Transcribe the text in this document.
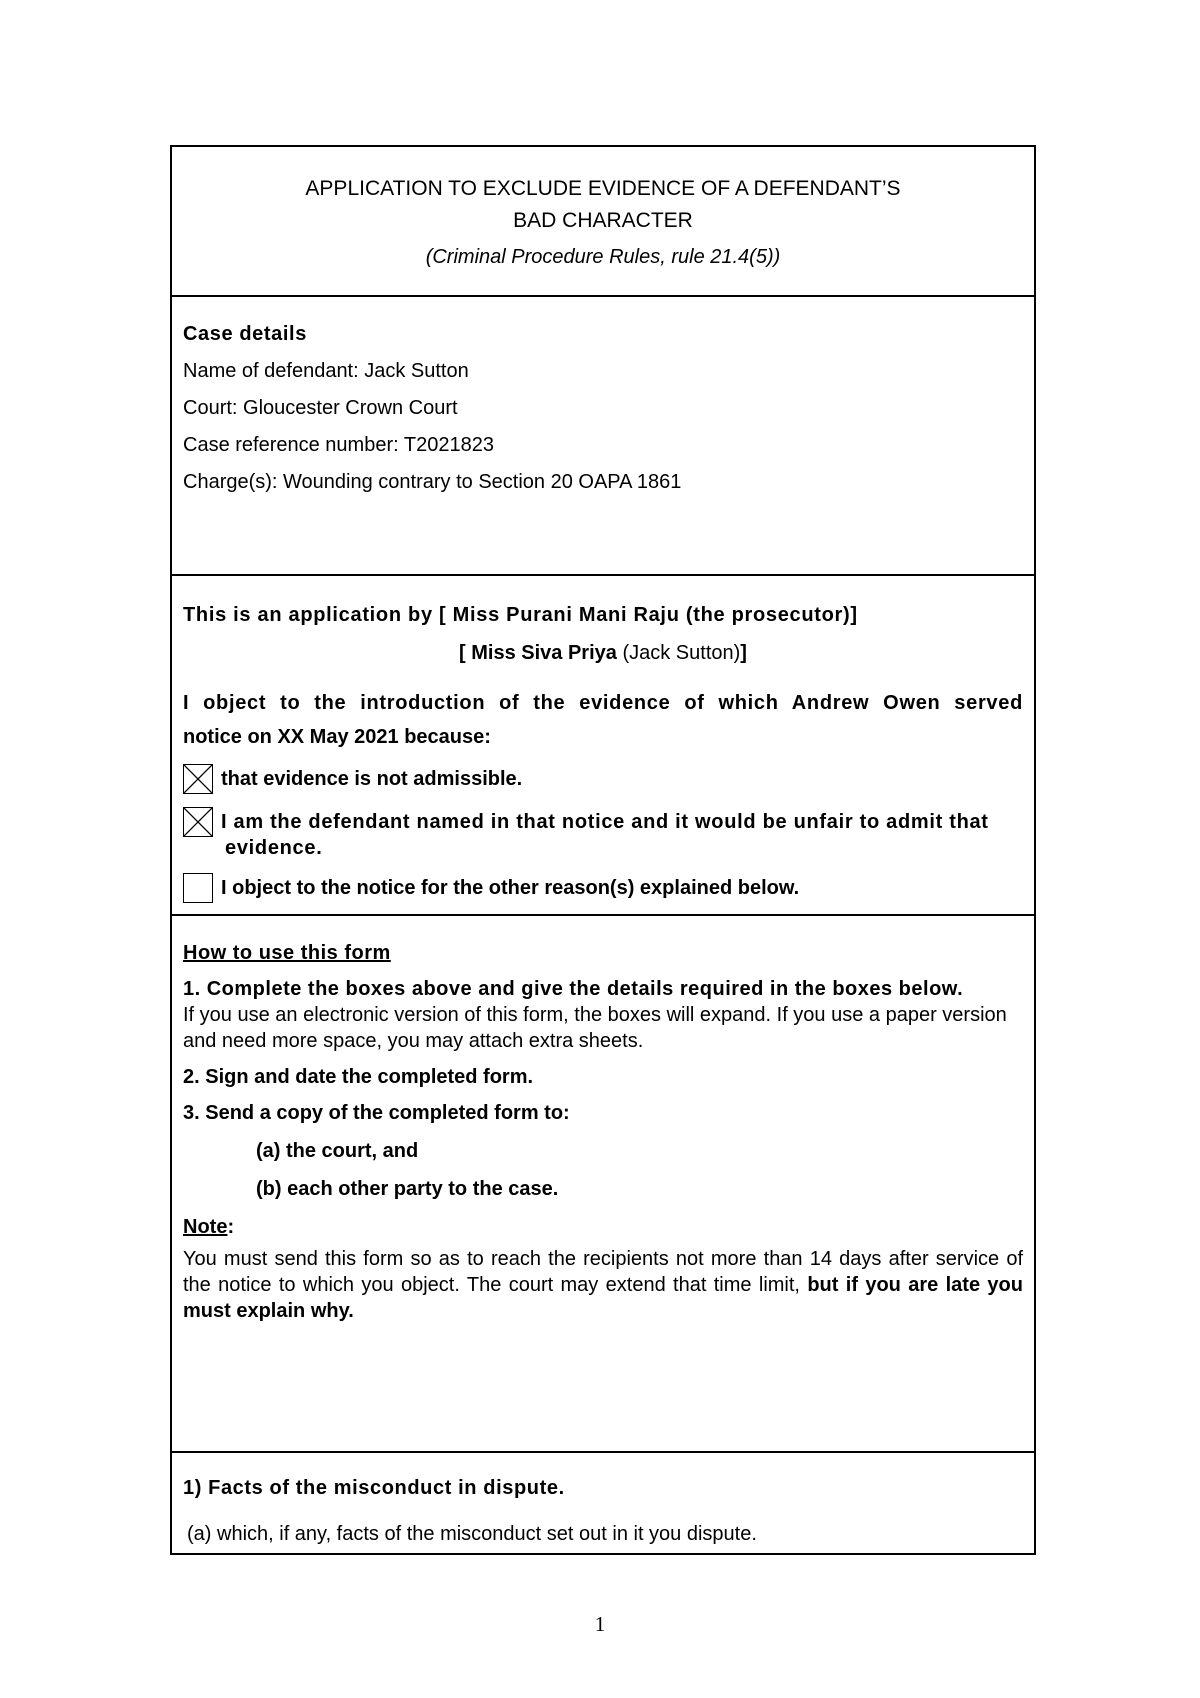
APPLICATION TO EXCLUDE EVIDENCE OF A DEFENDANT’S
BAD CHARACTER
(Criminal Procedure Rules, rule 21.4(5))
Case details
Name of defendant: Jack Sutton
Court: Gloucester Crown Court
Case reference number: T2021823
Charge(s): Wounding contrary to Section 20 OAPA 1861
This is an application by [ Miss Purani Mani Raju (the prosecutor)]
[ Miss Siva Priya (Jack Sutton)]
I object to the introduction of the evidence of which Andrew Owen served
notice on XX May 2021 because:
that evidence is not admissible.
I am the defendant named in that notice and it would be unfair to admit that
evidence.
I object to the notice for the other reason(s) explained below.
How to use this form
1. Complete the boxes above and give the details required in the boxes below.
If you use an electronic version of this form, the boxes will expand. If you use a paper version and need more space, you may attach extra sheets.
2. Sign and date the completed form.
3. Send a copy of the completed form to:
(a) the court, and
(b) each other party to the case.
Note:
You must send this form so as to reach the recipients not more than 14 days after service of the notice to which you object. The court may extend that time limit, but if you are late you must explain why.
1) Facts of the misconduct in dispute.
(a) which, if any, facts of the misconduct set out in it you dispute.
1
